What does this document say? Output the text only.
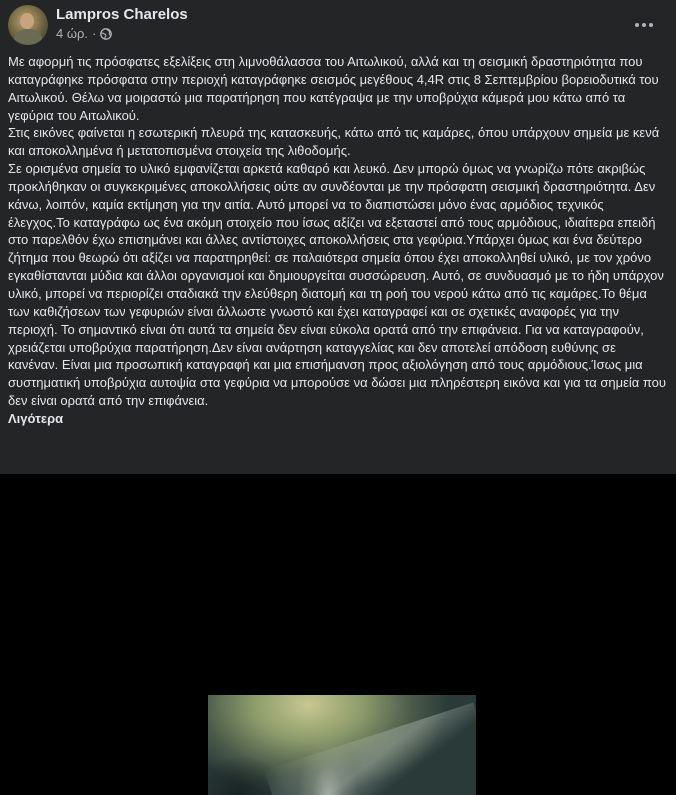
Lampros Charelos
4 ώρ. ·

Με αφορμή τις πρόσφατες εξελίξεις στη λιμνοθάλασσα του Αιτωλικού, αλλά και τη σεισμική δραστηριότητα που καταγράφηκε πρόσφατα στην περιοχή καταγράφηκε σεισμός μεγέθους 4,4R στις 8 Σεπτεμβρίου βορειοδυτικά του Αιτωλικού. Θέλω να μοιραστώ μια παρατήρηση που κατέγραψα με την υποβρύχια κάμερά μου κάτω από τα γεφύρια του Αιτωλικού.

Στις εικόνες φαίνεται η εσωτερική πλευρά της κατασκευής, κάτω από τις καμάρες, όπου υπάρχουν σημεία με κενά και αποκολλημένα ή μετατοπισμένα στοιχεία της λιθοδομής.

Σε ορισμένα σημεία το υλικό εμφανίζεται αρκετά καθαρό και λευκό. Δεν μπορώ όμως να γνωρίζω πότε ακριβώς προκλήθηκαν οι συγκεκριμένες αποκολλήσεις ούτε αν συνδέονται με την πρόσφατη σεισμική δραστηριότητα. Δεν κάνω, λοιπόν, καμία εκτίμηση για την αιτία. Αυτό μπορεί να το διαπιστώσει μόνο ένας αρμόδιος τεχνικός έλεγχος.Το καταγράφω ως ένα ακόμη στοιχείο που ίσως αξίζει να εξεταστεί από τους αρμόδιους, ιδιαίτερα επειδή στο παρελθόν έχω επισημάνει και άλλες αντίστοιχες αποκολλήσεις στα γεφύρια.Υπάρχει όμως και ένα δεύτερο ζήτημα που θεωρώ ότι αξίζει να παρατηρηθεί: σε παλαιότερα σημεία όπου έχει αποκολληθεί υλικό, με τον χρόνο εγκαθίστανται μύδια και άλλοι οργανισμοί και δημιουργείται συσσώρευση. Αυτό, σε συνδυασμό με το ήδη υπάρχον υλικό, μπορεί να περιορίζει σταδιακά την ελεύθερη διατομή και τη ροή του νερού κάτω από τις καμάρες.Το θέμα των καθιζήσεων των γεφυριών είναι άλλωστε γνωστό και έχει καταγραφεί και σε σχετικές αναφορές για την περιοχή. Το σημαντικό είναι ότι αυτά τα σημεία δεν είναι εύκολα ορατά από την επιφάνεια. Για να καταγραφούν, χρειάζεται υποβρύχια παρατήρηση.Δεν είναι ανάρτηση καταγγελίας και δεν αποτελεί απόδοση ευθύνης σε κανέναν. Είναι μια προσωπική καταγραφή και μια επισήμανση προς αξιολόγηση από τους αρμόδιους.Ίσως μια συστηματική υποβρύχια αυτοψία στα γεφύρια να μπορούσε να δώσει μια πληρέστερη εικόνα και για τα σημεία που δεν είναι ορατά από την επιφάνεια.

Λιγότερα
